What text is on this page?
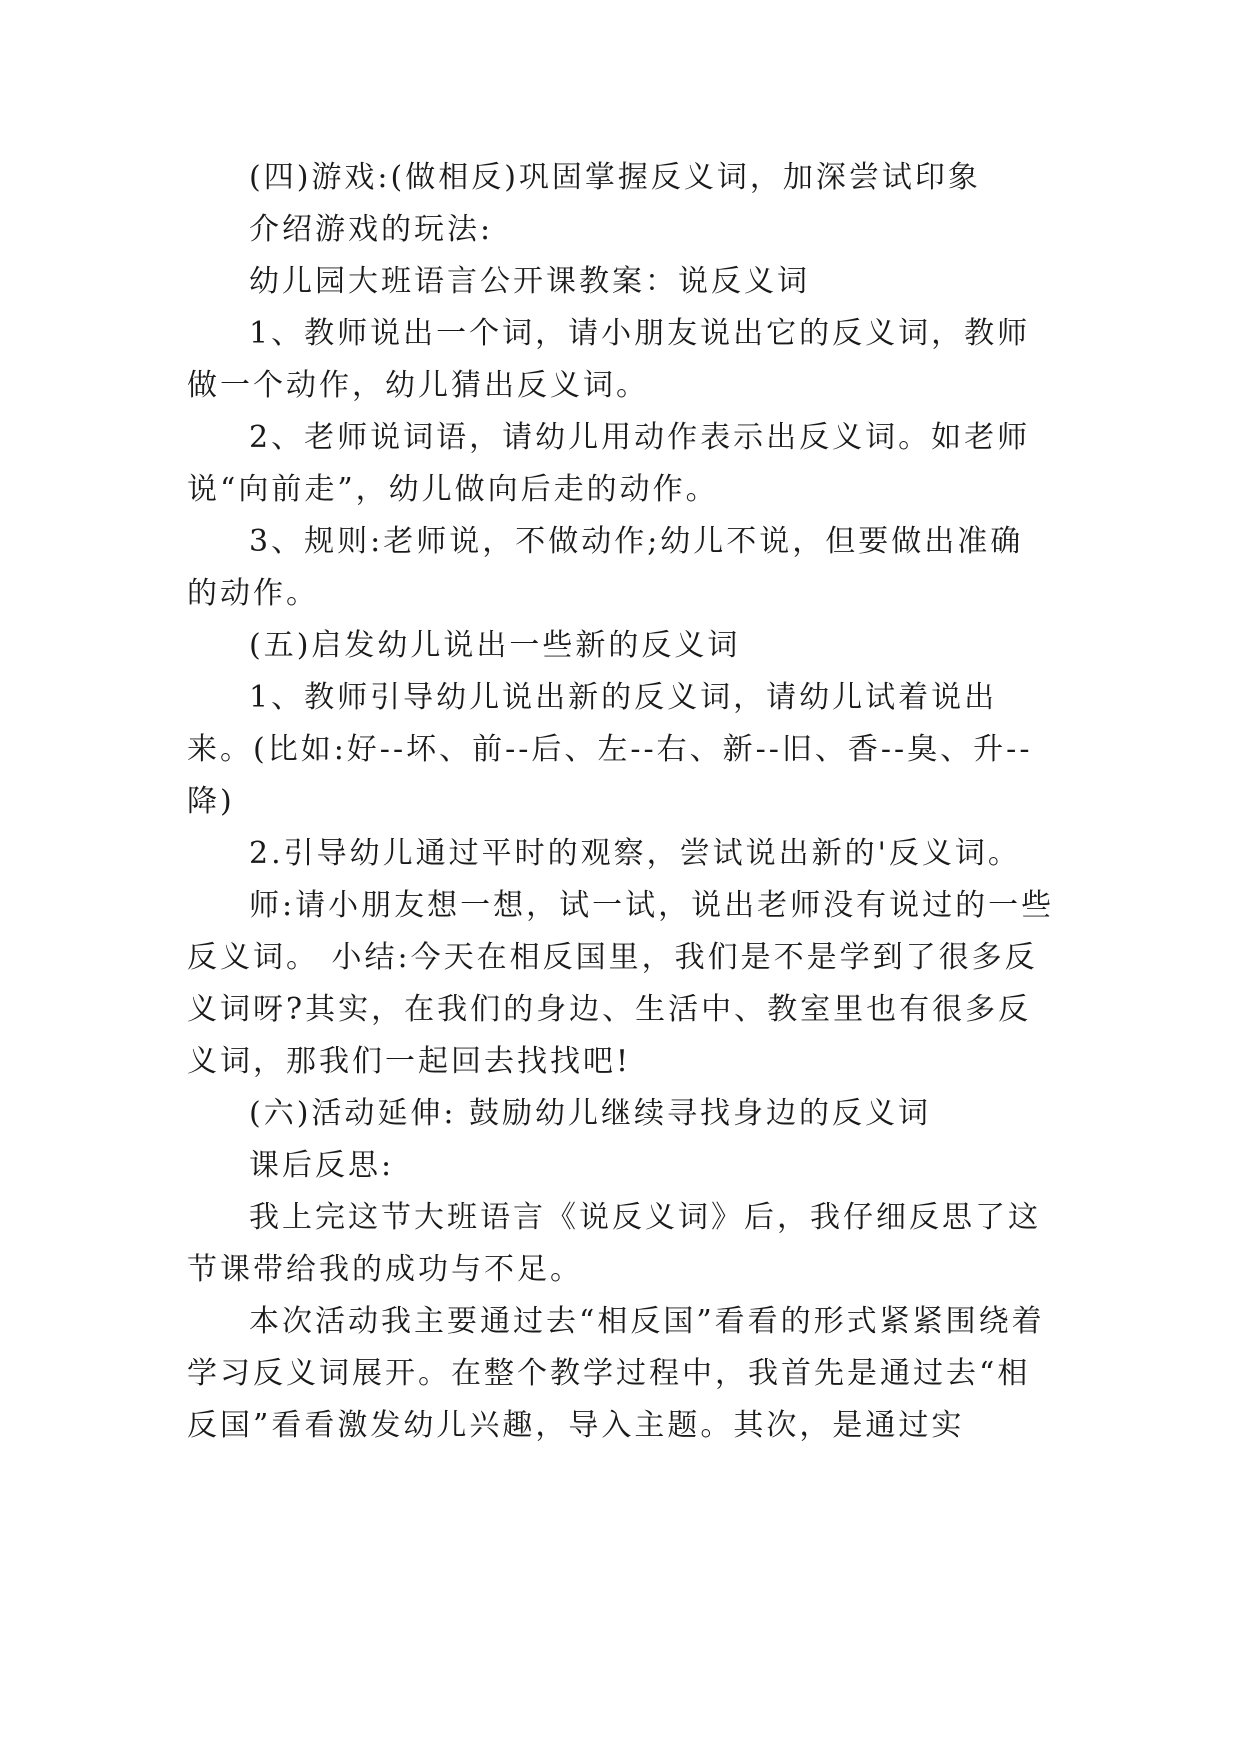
(四)游戏:(做相反)巩固掌握反义词，加深尝试印象

介绍游戏的玩法:

幼儿园大班语言公开课教案：说反义词

1、教师说出一个词，请小朋友说出它的反义词，教师做一个动作，幼儿猜出反义词。

2、老师说词语，请幼儿用动作表示出反义词。如老师说“向前走”，幼儿做向后走的动作。

3、规则:老师说，不做动作;幼儿不说，但要做出准确的动作。

(五)启发幼儿说出一些新的反义词

1、教师引导幼儿说出新的反义词，请幼儿试着说出来。(比如:好--坏、前--后、左--右、新--旧、香--臭、升--降)

2.引导幼儿通过平时的观察，尝试说出新的'反义词。

师:请小朋友想一想，试一试，说出老师没有说过的一些反义词。 小结:今天在相反国里，我们是不是学到了很多反义词呀?其实，在我们的身边、生活中、教室里也有很多反义词，那我们一起回去找找吧!

(六)活动延伸: 鼓励幼儿继续寻找身边的反义词

课后反思:

我上完这节大班语言《说反义词》后，我仔细反思了这节课带给我的成功与不足。

本次活动我主要通过去“相反国”看看的形式紧紧围绕着学习反义词展开。在整个教学过程中，我首先是通过去“相反国”看看激发幼儿兴趣，导入主题。其次，是通过实
